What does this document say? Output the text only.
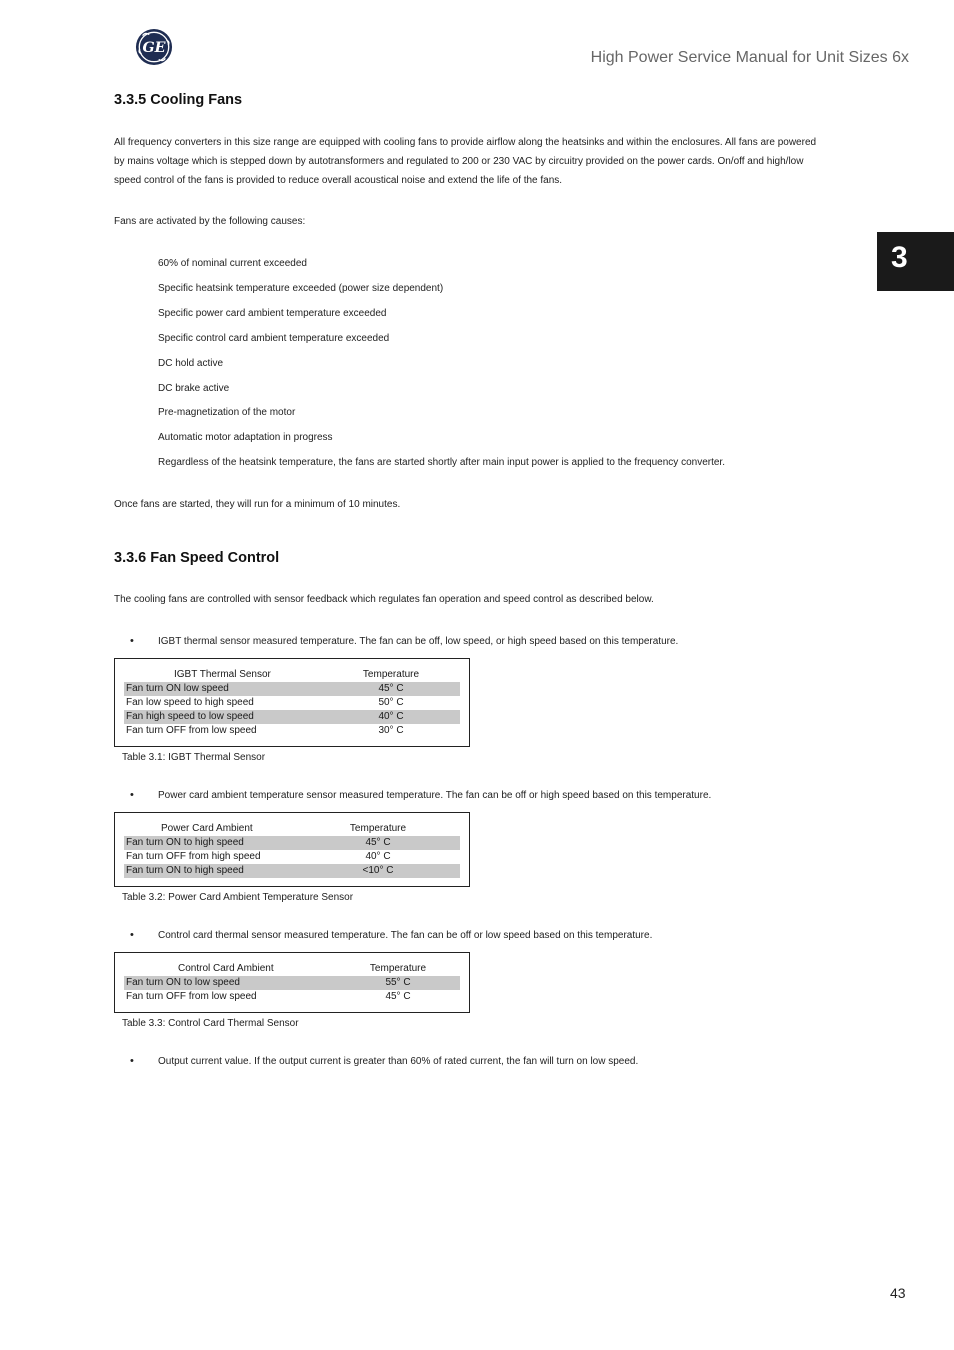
GE
High Power Service Manual for Unit Sizes 6x
3
3.3.5 Cooling Fans
All frequency converters in this size range are equipped with cooling fans to provide airflow along the heatsinks and within the enclosures. All fans are powered
by mains voltage which is stepped down by autotransformers and regulated to 200 or 230 VAC by circuitry provided on the power cards. On/off and high/low
speed control of the fans is provided to reduce overall acoustical noise and extend the life of the fans.
Fans are activated by the following causes:
60% of nominal current exceeded
Specific heatsink temperature exceeded (power size dependent)
Specific power card ambient temperature exceeded
Specific control card ambient temperature exceeded
DC hold active
DC brake active
Pre-magnetization of the motor
Automatic motor adaptation in progress
Regardless of the heatsink temperature, the fans are started shortly after main input power is applied to the frequency converter.
Once fans are started, they will run for a minimum of 10 minutes.
3.3.6 Fan Speed Control
The cooling fans are controlled with sensor feedback which regulates fan operation and speed control as described below.
• IGBT thermal sensor measured temperature. The fan can be off, low speed, or high speed based on this temperature.
IGBT Thermal Sensor	Temperature
Fan turn ON low speed	45° C
Fan low speed to high speed	50° C
Fan high speed to low speed	40° C
Fan turn OFF from low speed	30° C
Table 3.1: IGBT Thermal Sensor
• Power card ambient temperature sensor measured temperature. The fan can be off or high speed based on this temperature.
Power Card Ambient	Temperature
Fan turn ON to high speed	45° C
Fan turn OFF from high speed	40° C
Fan turn ON to high speed	<10° C
Table 3.2: Power Card Ambient Temperature Sensor
• Control card thermal sensor measured temperature. The fan can be off or low speed based on this temperature.
Control Card Ambient	Temperature
Fan turn ON to low speed	55° C
Fan turn OFF from low speed	45° C
Table 3.3: Control Card Thermal Sensor
• Output current value. If the output current is greater than 60% of rated current, the fan will turn on low speed.
43
